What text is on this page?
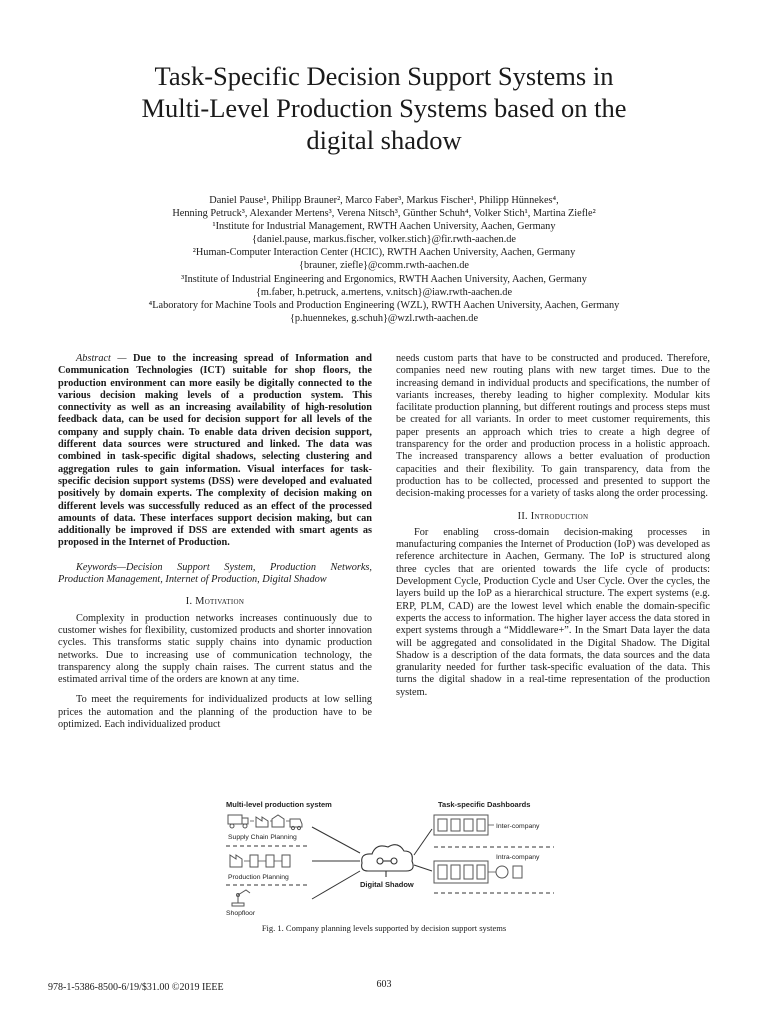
Task-Specific Decision Support Systems in
Multi-Level Production Systems based on the
digital shadow
Daniel Pause¹, Philipp Brauner², Marco Faber³, Markus Fischer¹, Philipp Hünnekes⁴,
Henning Petruck³, Alexander Mertens³, Verena Nitsch³, Günther Schuh⁴, Volker Stich¹, Martina Ziefle²
¹Institute for Industrial Management, RWTH Aachen University, Aachen, Germany
{daniel.pause, markus.fischer, volker.stich}@fir.rwth-aachen.de
²Human-Computer Interaction Center (HCIC), RWTH Aachen University, Aachen, Germany
{brauner, ziefle}@comm.rwth-aachen.de
³Institute of Industrial Engineering and Ergonomics, RWTH Aachen University, Aachen, Germany
{m.faber, h.petruck, a.mertens, v.nitsch}@iaw.rwth-aachen.de
⁴Laboratory for Machine Tools and Production Engineering (WZL), RWTH Aachen University, Aachen, Germany
{p.huennekes, g.schuh}@wzl.rwth-aachen.de

Abstract — Due to the increasing spread of Information and Communication Technologies (ICT) suitable for shop floors, the production environment can more easily be digitally connected to the various decision making levels of a production system. This connectivity as well as an increasing availability of high-resolution feedback data, can be used for decision support for all levels of the company and supply chain. To enable data driven decision support, different data sources were structured and linked. The data was combined in task-specific digital shadows, selecting clustering and aggregation rules to gain information. Visual interfaces for task-specific decision support systems (DSS) were developed and evaluated positively by domain experts. The complexity of decision making on different levels was successfully reduced as an effect of the processed amounts of data. These interfaces support decision making, but can additionally be improved if DSS are extended with smart agents as proposed in the Internet of Production.

Keywords—Decision Support System, Production Networks, Production Management, Internet of Production, Digital Shadow

I. Motivation

Complexity in production networks increases continuously due to customer wishes for flexibility, customized products and shorter innovation cycles. This transforms static supply chains into dynamic production networks. Due to increasing use of communication technology, the transparency along the supply chain raises. The current status and the estimated arrival time of the orders are known at any time.

To meet the requirements for individualized products at low selling prices the automation and the planning of the production have to be optimized. Each individualized product

needs custom parts that have to be constructed and produced. Therefore, companies need new routing plans with new target times. Due to the increasing demand in individual products and specifications, the number of variants increases, thereby leading to higher complexity. Modular kits facilitate production planning, but different routings and process steps must be created for all variants. In order to meet customer requirements, this paper presents an approach which tries to create a high degree of transparency for the order and production process in a holistic approach. The increased transparency allows a better evaluation of production capacities and their flexibility. To gain transparency, data from the production has to be collected, processed and presented to support the decision-making processes for a variety of tasks along the order processing.

II. Introduction

For enabling cross-domain decision-making processes in manufacturing companies the Internet of Production (IoP) was developed as reference architecture in Aachen, Germany. The IoP is structured along three cycles that are oriented towards the life cycle of products: Development Cycle, Production Cycle and User Cycle. Over the cycles, the layers build up the IoP as a hierarchical structure. The expert systems (e.g. ERP, PLM, CAD) are the lowest level which enable the domain-specific experts the access to information. The higher layer access the data stored in expert systems through a “Middleware+”. In the Smart Data layer the data will be aggregated and consolidated in the Digital Shadow. The Digital Shadow is a description of the data formats, the data sources and the data granularity needed for further task-specific evaluation of the data. This turns the digital shadow in a real-time representation of the production system.

Multi-level production system	Task-specific Dashboards
Supply Chain Planning
Production Planning
Shopfloor
Digital Shadow
Inter-company
Intra-company
Fig. 1. Company planning levels supported by decision support systems
978-1-5386-8500-6/19/$31.00 ©2019 IEEE	603
